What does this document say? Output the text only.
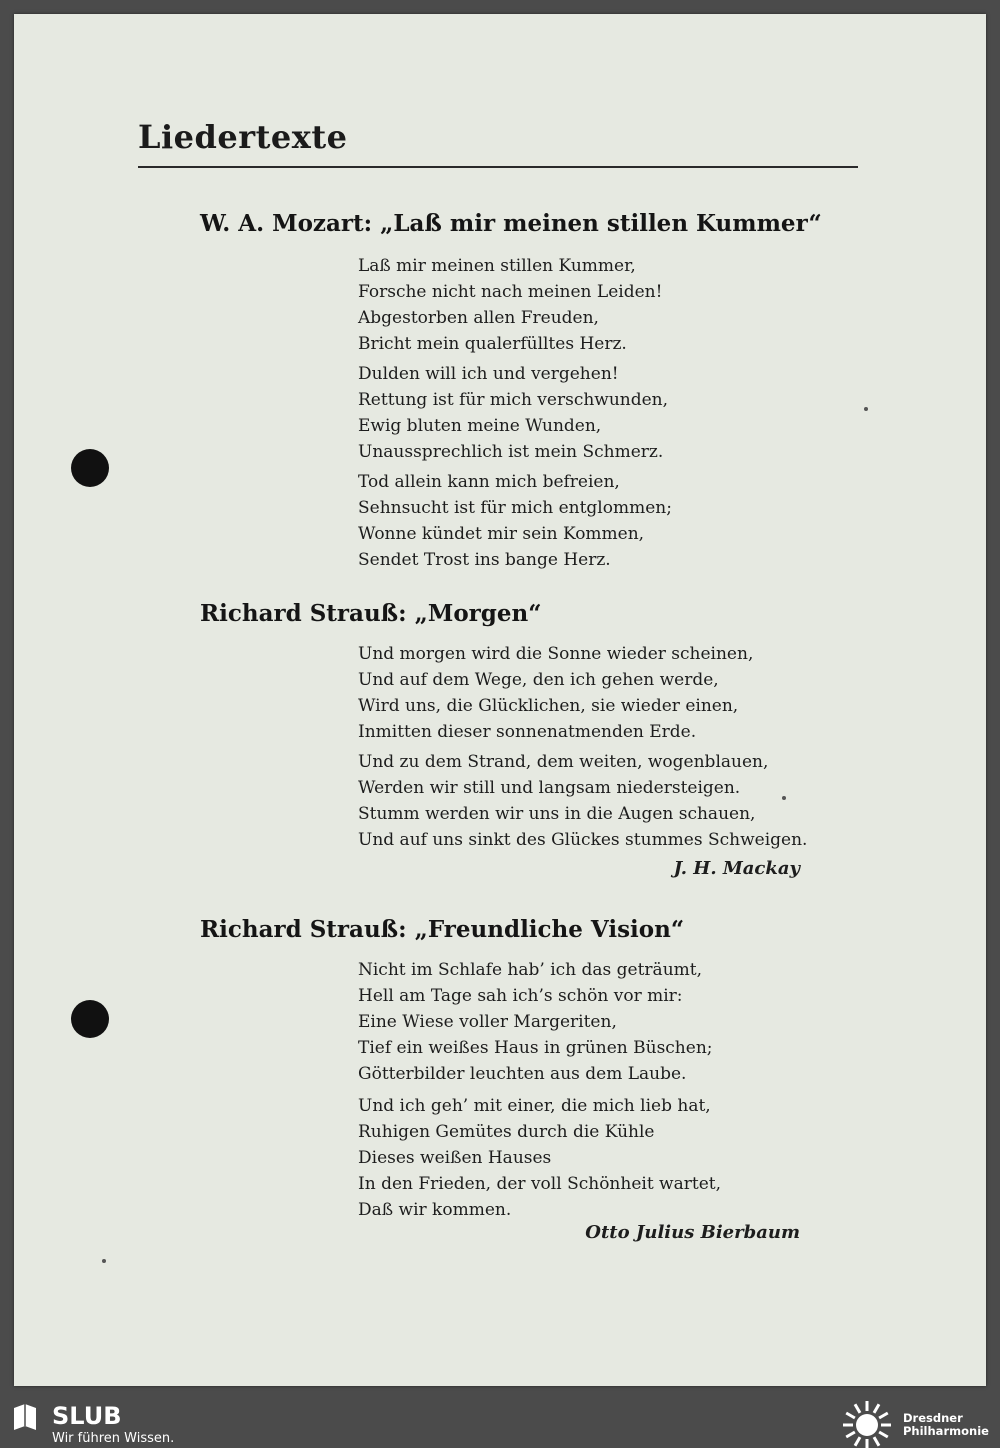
Liedertexte
W. A. Mozart: „Laß mir meinen stillen Kummer“
Laß mir meinen stillen Kummer,
Forsche nicht nach meinen Leiden!
Abgestorben allen Freuden,
Bricht mein qualerfülltes Herz.
Dulden will ich und vergehen!
Rettung ist für mich verschwunden,
Ewig bluten meine Wunden,
Unaussprechlich ist mein Schmerz.
Tod allein kann mich befreien,
Sehnsucht ist für mich entglommen;
Wonne kündet mir sein Kommen,
Sendet Trost ins bange Herz.
Richard Strauß: „Morgen“
Und morgen wird die Sonne wieder scheinen,
Und auf dem Wege, den ich gehen werde,
Wird uns, die Glücklichen, sie wieder einen,
Inmitten dieser sonnenatmenden Erde.
Und zu dem Strand, dem weiten, wogenblauen,
Werden wir still und langsam niedersteigen.
Stumm werden wir uns in die Augen schauen,
Und auf uns sinkt des Glückes stummes Schweigen.
J. H. Mackay
Richard Strauß: „Freundliche Vision“
Nicht im Schlafe hab’ ich das geträumt,
Hell am Tage sah ich’s schön vor mir:
Eine Wiese voller Margeriten,
Tief ein weißes Haus in grünen Büschen;
Götterbilder leuchten aus dem Laube.
Und ich geh’ mit einer, die mich lieb hat,
Ruhigen Gemütes durch die Kühle
Dieses weißen Hauses
In den Frieden, der voll Schönheit wartet,
Daß wir kommen.
Otto Julius Bierbaum
SLUB
Wir führen Wissen.
Dresdner
Philharmonie
